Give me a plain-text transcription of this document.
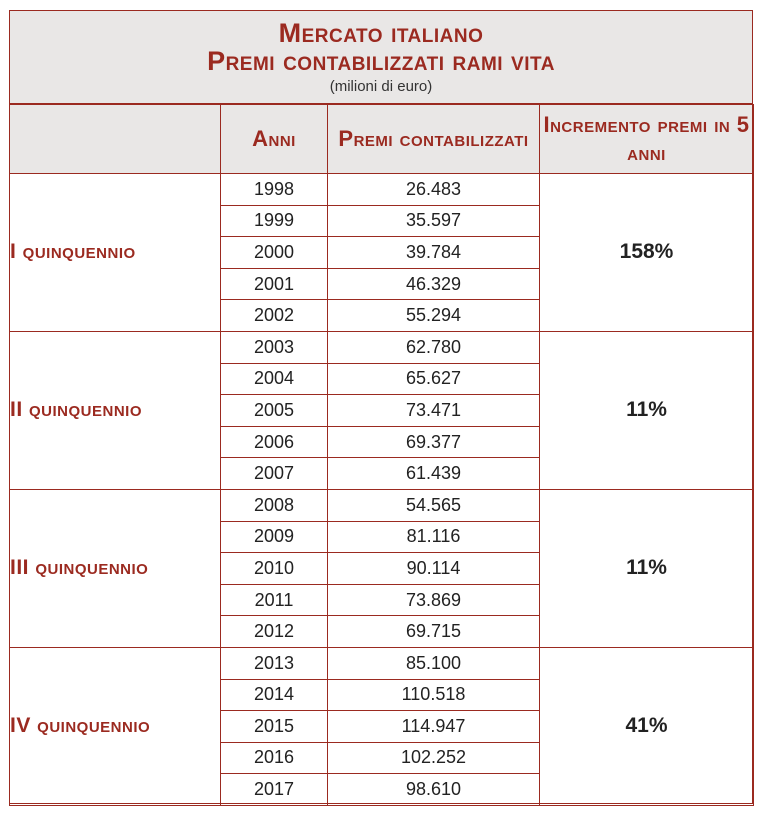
Mercato italiano
Premi contabilizzati rami vita
(milioni di euro)
	Anni	Premi contabilizzati	Incremento premi in 5 anni
I quinquennio	1998	26.483	158%
	1999	35.597	
	2000	39.784	
	2001	46.329	
	2002	55.294	
II quinquennio	2003	62.780	11%
	2004	65.627	
	2005	73.471	
	2006	69.377	
	2007	61.439	
III quinquennio	2008	54.565	11%
	2009	81.116	
	2010	90.114	
	2011	73.869	
	2012	69.715	
IV quinquennio	2013	85.100	41%
	2014	110.518	
	2015	114.947	
	2016	102.252	
	2017	98.610	
